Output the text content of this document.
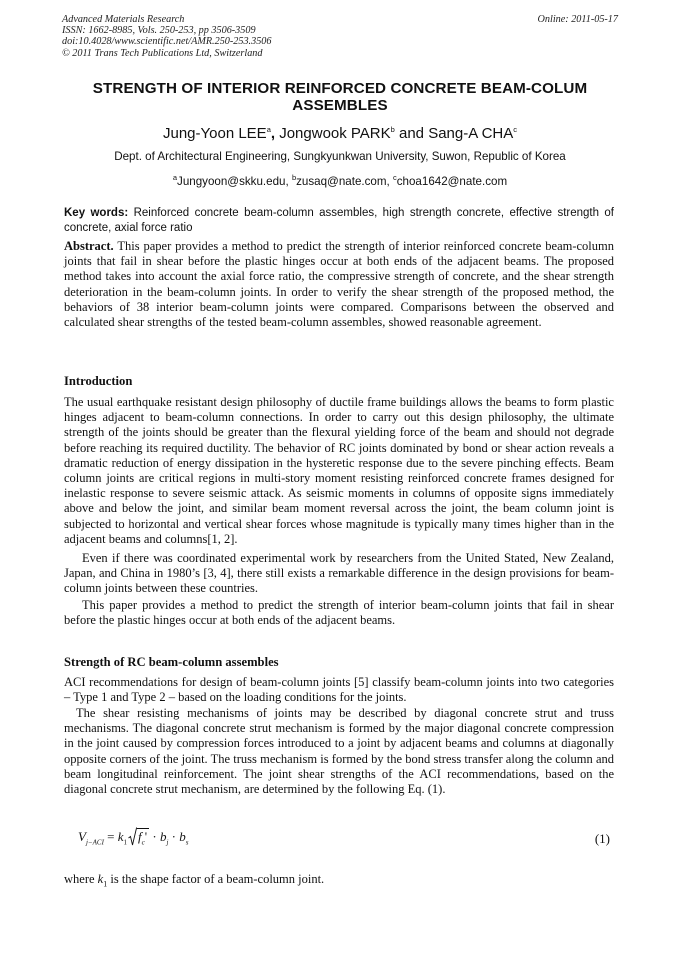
Advanced Materials Research
ISSN: 1662-8985, Vols. 250-253, pp 3506-3509
doi:10.4028/www.scientific.net/AMR.250-253.3506
© 2011 Trans Tech Publications Ltd, Switzerland
Online: 2011-05-17
STRENGTH OF INTERIOR REINFORCED CONCRETE BEAM-COLUM ASSEMBLES
Jung-Yoon LEE$^a$, Jongwook PARK$^b$ and Sang-A CHA$^c$
Dept. of Architectural Engineering, Sungkyunkwan University, Suwon, Republic of Korea
$^a$Jungyoon@skku.edu, $^b$zusaq@nate.com, $^c$choa1642@nate.com
Key words: Reinforced concrete beam-column assembles, high strength concrete, effective strength of concrete, axial force ratio
Abstract. This paper provides a method to predict the strength of interior reinforced concrete beam-column joints that fail in shear before the plastic hinges occur at both ends of the adjacent beams. The proposed method takes into account the axial force ratio, the compressive strength of concrete, and the shear strength deterioration in the beam-column joints. In order to verify the shear strength of the proposed method, the behaviors of 38 interior beam-column joints were compared. Comparisons between the observed and calculated shear strengths of the tested beam-column assembles, showed reasonable agreement.
Introduction
The usual earthquake resistant design philosophy of ductile frame buildings allows the beams to form plastic hinges adjacent to beam-column connections. In order to carry out this design philosophy, the ultimate strength of the joints should be greater than the flexural yielding force of the beam and should not degrade before reaching its required ductility. The behavior of RC joints dominated by bond or shear action reveals a dramatic reduction of energy dissipation in the hysteretic response due to the severe pinching effects. Beam column joints are critical regions in multi-story moment resisting reinforced concrete frames designed for inelastic response to severe seismic attack. As seismic moments in columns of opposite signs immediately above and below the joint, and similar beam moment reversal across the joint, the beam column joint is subjected to horizontal and vertical shear forces whose magnitude is typically many times higher than in the adjacent beams and columns[1, 2].
Even if there was coordinated experimental work by researchers from the United Stated, New Zealand, Japan, and China in 1980’s [3, 4], there still exists a remarkable difference in the design provisions for beam-column joints between these countries.
This paper provides a method to predict the strength of interior beam-column joints that fail in shear before the plastic hinges occur at both ends of the adjacent beams.
Strength of RC beam-column assembles
ACI recommendations for design of beam-column joints [5] classify beam-column joints into two categories – Type 1 and Type 2 – based on the loading conditions for the joints.
The shear resisting mechanisms of joints may be described by diagonal concrete strut and truss mechanisms. The diagonal concrete strut mechanism is formed by the major diagonal concrete compression in the joint caused by compression forces introduced to a joint by adjacent beams and columns at diagonally opposite corners of the joint. The truss mechanism is formed by the bond stress transfer along the column and beam longitudinal reinforcement. The joint shear strengths of the ACI recommendations, based on the diagonal concrete strut mechanism, are determined by the following Eq. (1).
$V_{j-ACI} = k_1$ $f_c' \cdot b_j \cdot b_s$	(1)
where $k_1$ is the shape factor of a beam-column joint.
